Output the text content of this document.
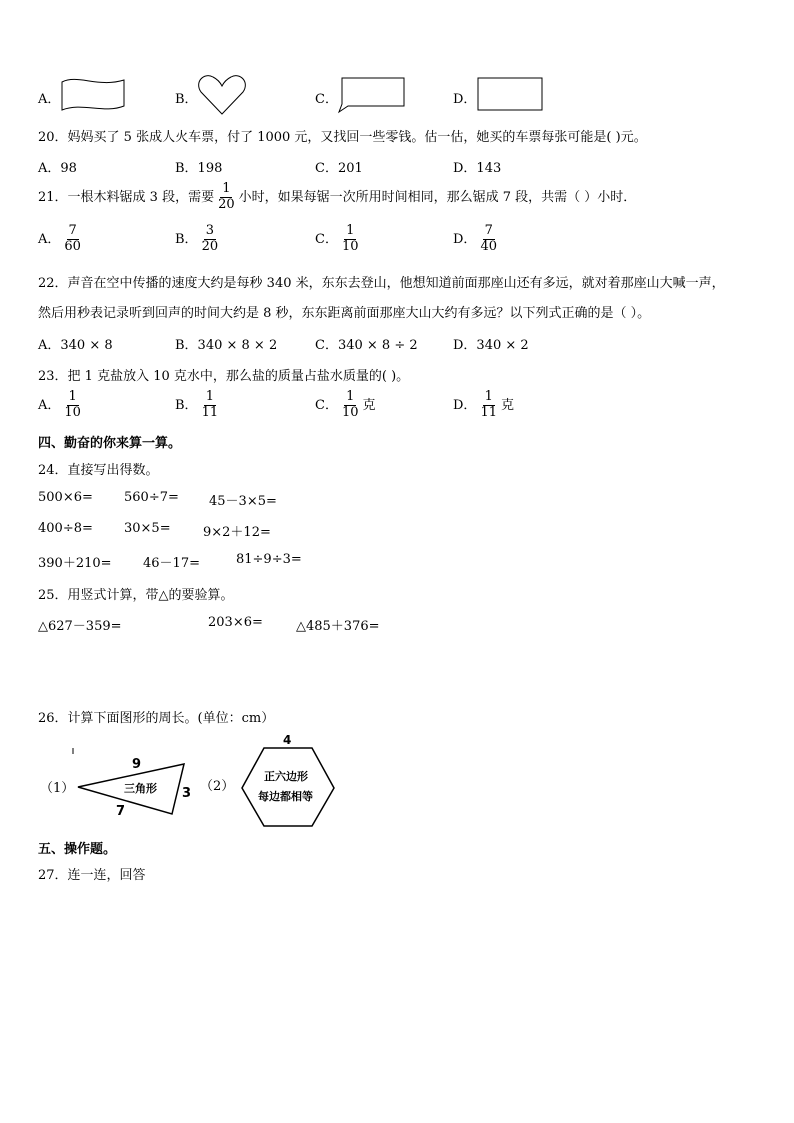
A．	B．	C．	D．
20．妈妈买了 5 张成人火车票，付了 1000 元，又找回一些零钱。估一估，她买的车票每张可能是( )元。
A．98	B．198	C．201	D．143
21．一根木料锯成 3 段，需要 $\frac{1}{20}$ 小时，如果每锯一次所用时间相同，那么锯成 7 段，共需（ ）小时．
A． $\frac{7}{60}$	B． $\frac{3}{20}$	C． $\frac{1}{10}$	D． $\frac{7}{40}$
22．声音在空中传播的速度大约是每秒 340 米，东东去登山，他想知道前面那座山还有多远，就对着那座山大喊一声，
然后用秒表记录听到回声的时间大约是 8 秒，东东距离前面那座大山大约有多远？以下列式正确的是（ ）。
A．340 × 8	B．340 × 8 × 2	C．340 × 8 ÷ 2	D．340 × 2
23．把 1 克盐放入 10 克水中，那么盐的质量占盐水质量的( )。
A． $\frac{1}{10}$	B． $\frac{1}{11}$	C． $\frac{1}{10}$ 克	D． $\frac{1}{11}$ 克
四、勤奋的你来算一算。
24．直接写出得数。
500×6= 560÷7= 45－3×5=
400÷8= 30×5= 9×2＋12=
390＋210= 46－17=	81÷9÷3=
25．用竖式计算，带△的要验算。
△627－359=	203×6=	△485＋376=
26．计算下面图形的周长。(单位：cm）
（1）
9
3
7
三角形	（2）
4
正六边形
每边都相等
五、操作题。
27．连一连，回答
